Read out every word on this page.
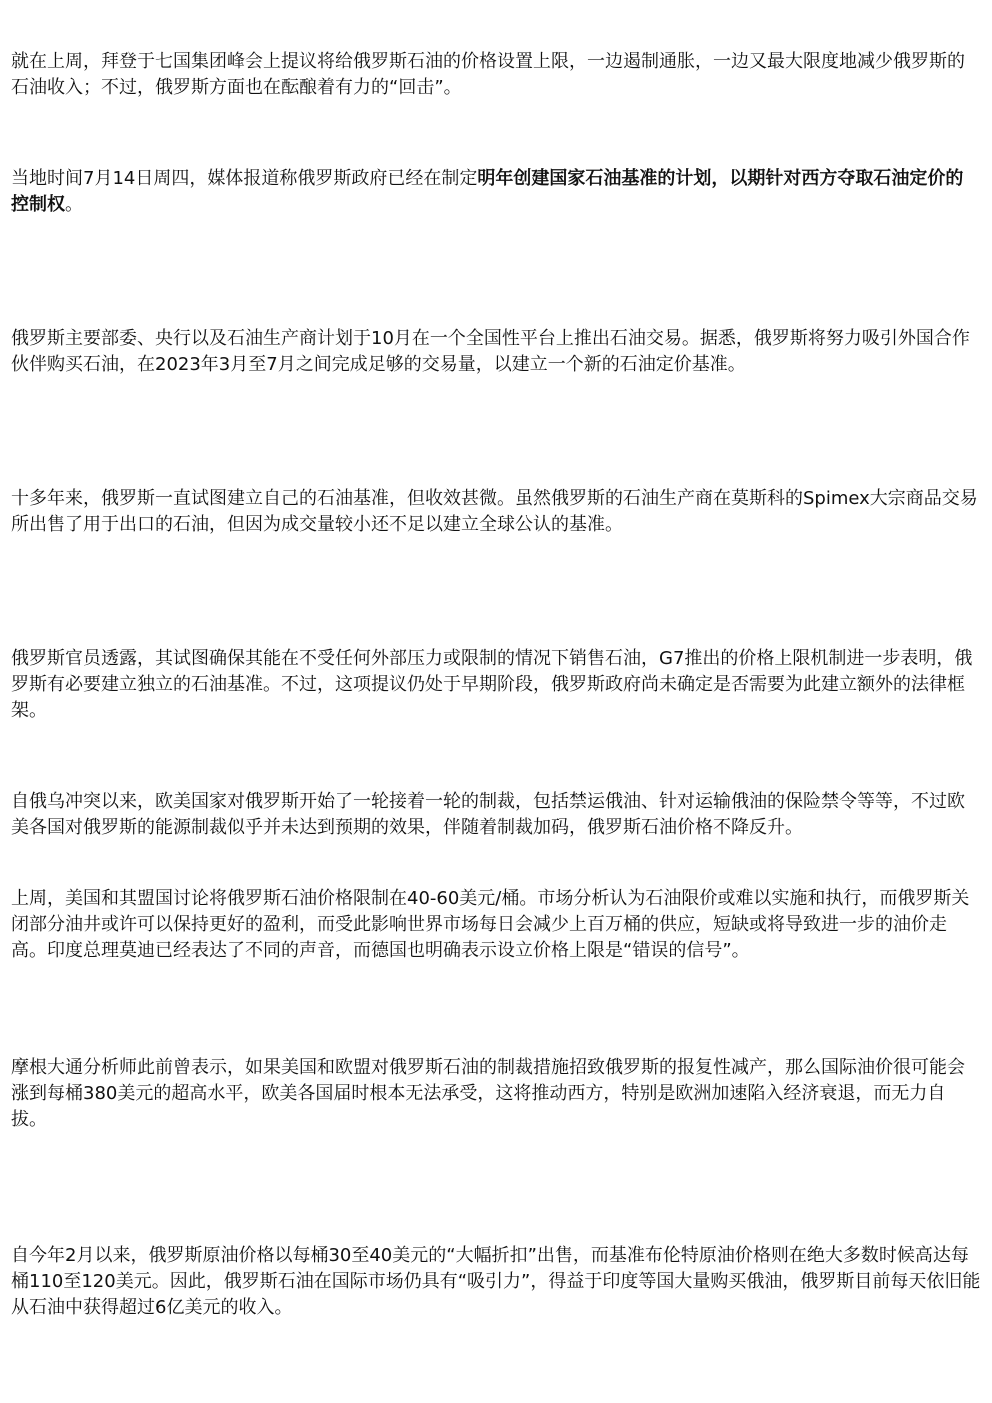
就在上周，拜登于七国集团峰会上提议将给俄罗斯石油的价格设置上限，一边遏制通胀，一边又最大限度地减少俄罗斯的石油收入；不过，俄罗斯方面也在酝酿着有力的“回击”。

当地时间7月14日周四，媒体报道称俄罗斯政府已经在制定明年创建国家石油基准的计划，以期针对西方夺取石油定价的控制权。

俄罗斯主要部委、央行以及石油生产商计划于10月在一个全国性平台上推出石油交易。据悉，俄罗斯将努力吸引外国合作伙伴购买石油，在2023年3月至7月之间完成足够的交易量，以建立一个新的石油定价基准。

十多年来，俄罗斯一直试图建立自己的石油基准，但收效甚微。虽然俄罗斯的石油生产商在莫斯科的Spimex大宗商品交易所出售了用于出口的石油，但因为成交量较小还不足以建立全球公认的基准。

俄罗斯官员透露，其试图确保其能在不受任何外部压力或限制的情况下销售石油，G7推出的价格上限机制进一步表明，俄罗斯有必要建立独立的石油基准。不过，这项提议仍处于早期阶段，俄罗斯政府尚未确定是否需要为此建立额外的法律框架。

自俄乌冲突以来，欧美国家对俄罗斯开始了一轮接着一轮的制裁，包括禁运俄油、针对运输俄油的保险禁令等等，不过欧美各国对俄罗斯的能源制裁似乎并未达到预期的效果，伴随着制裁加码，俄罗斯石油价格不降反升。

上周，美国和其盟国讨论将俄罗斯石油价格限制在40-60美元/桶。市场分析认为石油限价或难以实施和执行，而俄罗斯关闭部分油井或许可以保持更好的盈利，而受此影响世界市场每日会减少上百万桶的供应，短缺或将导致进一步的油价走高。印度总理莫迪已经表达了不同的声音，而德国也明确表示设立价格上限是“错误的信号”。

摩根大通分析师此前曾表示，如果美国和欧盟对俄罗斯石油的制裁措施招致俄罗斯的报复性减产，那么国际油价很可能会涨到每桶380美元的超高水平，欧美各国届时根本无法承受，这将推动西方，特别是欧洲加速陷入经济衰退，而无力自拔。

自今年2月以来，俄罗斯原油价格以每桶30至40美元的“大幅折扣”出售，而基准布伦特原油价格则在绝大多数时候高达每桶110至120美元。因此，俄罗斯石油在国际市场仍具有“吸引力”，得益于印度等国大量购买俄油，俄罗斯目前每天依旧能从石油中获得超过6亿美元的收入。
